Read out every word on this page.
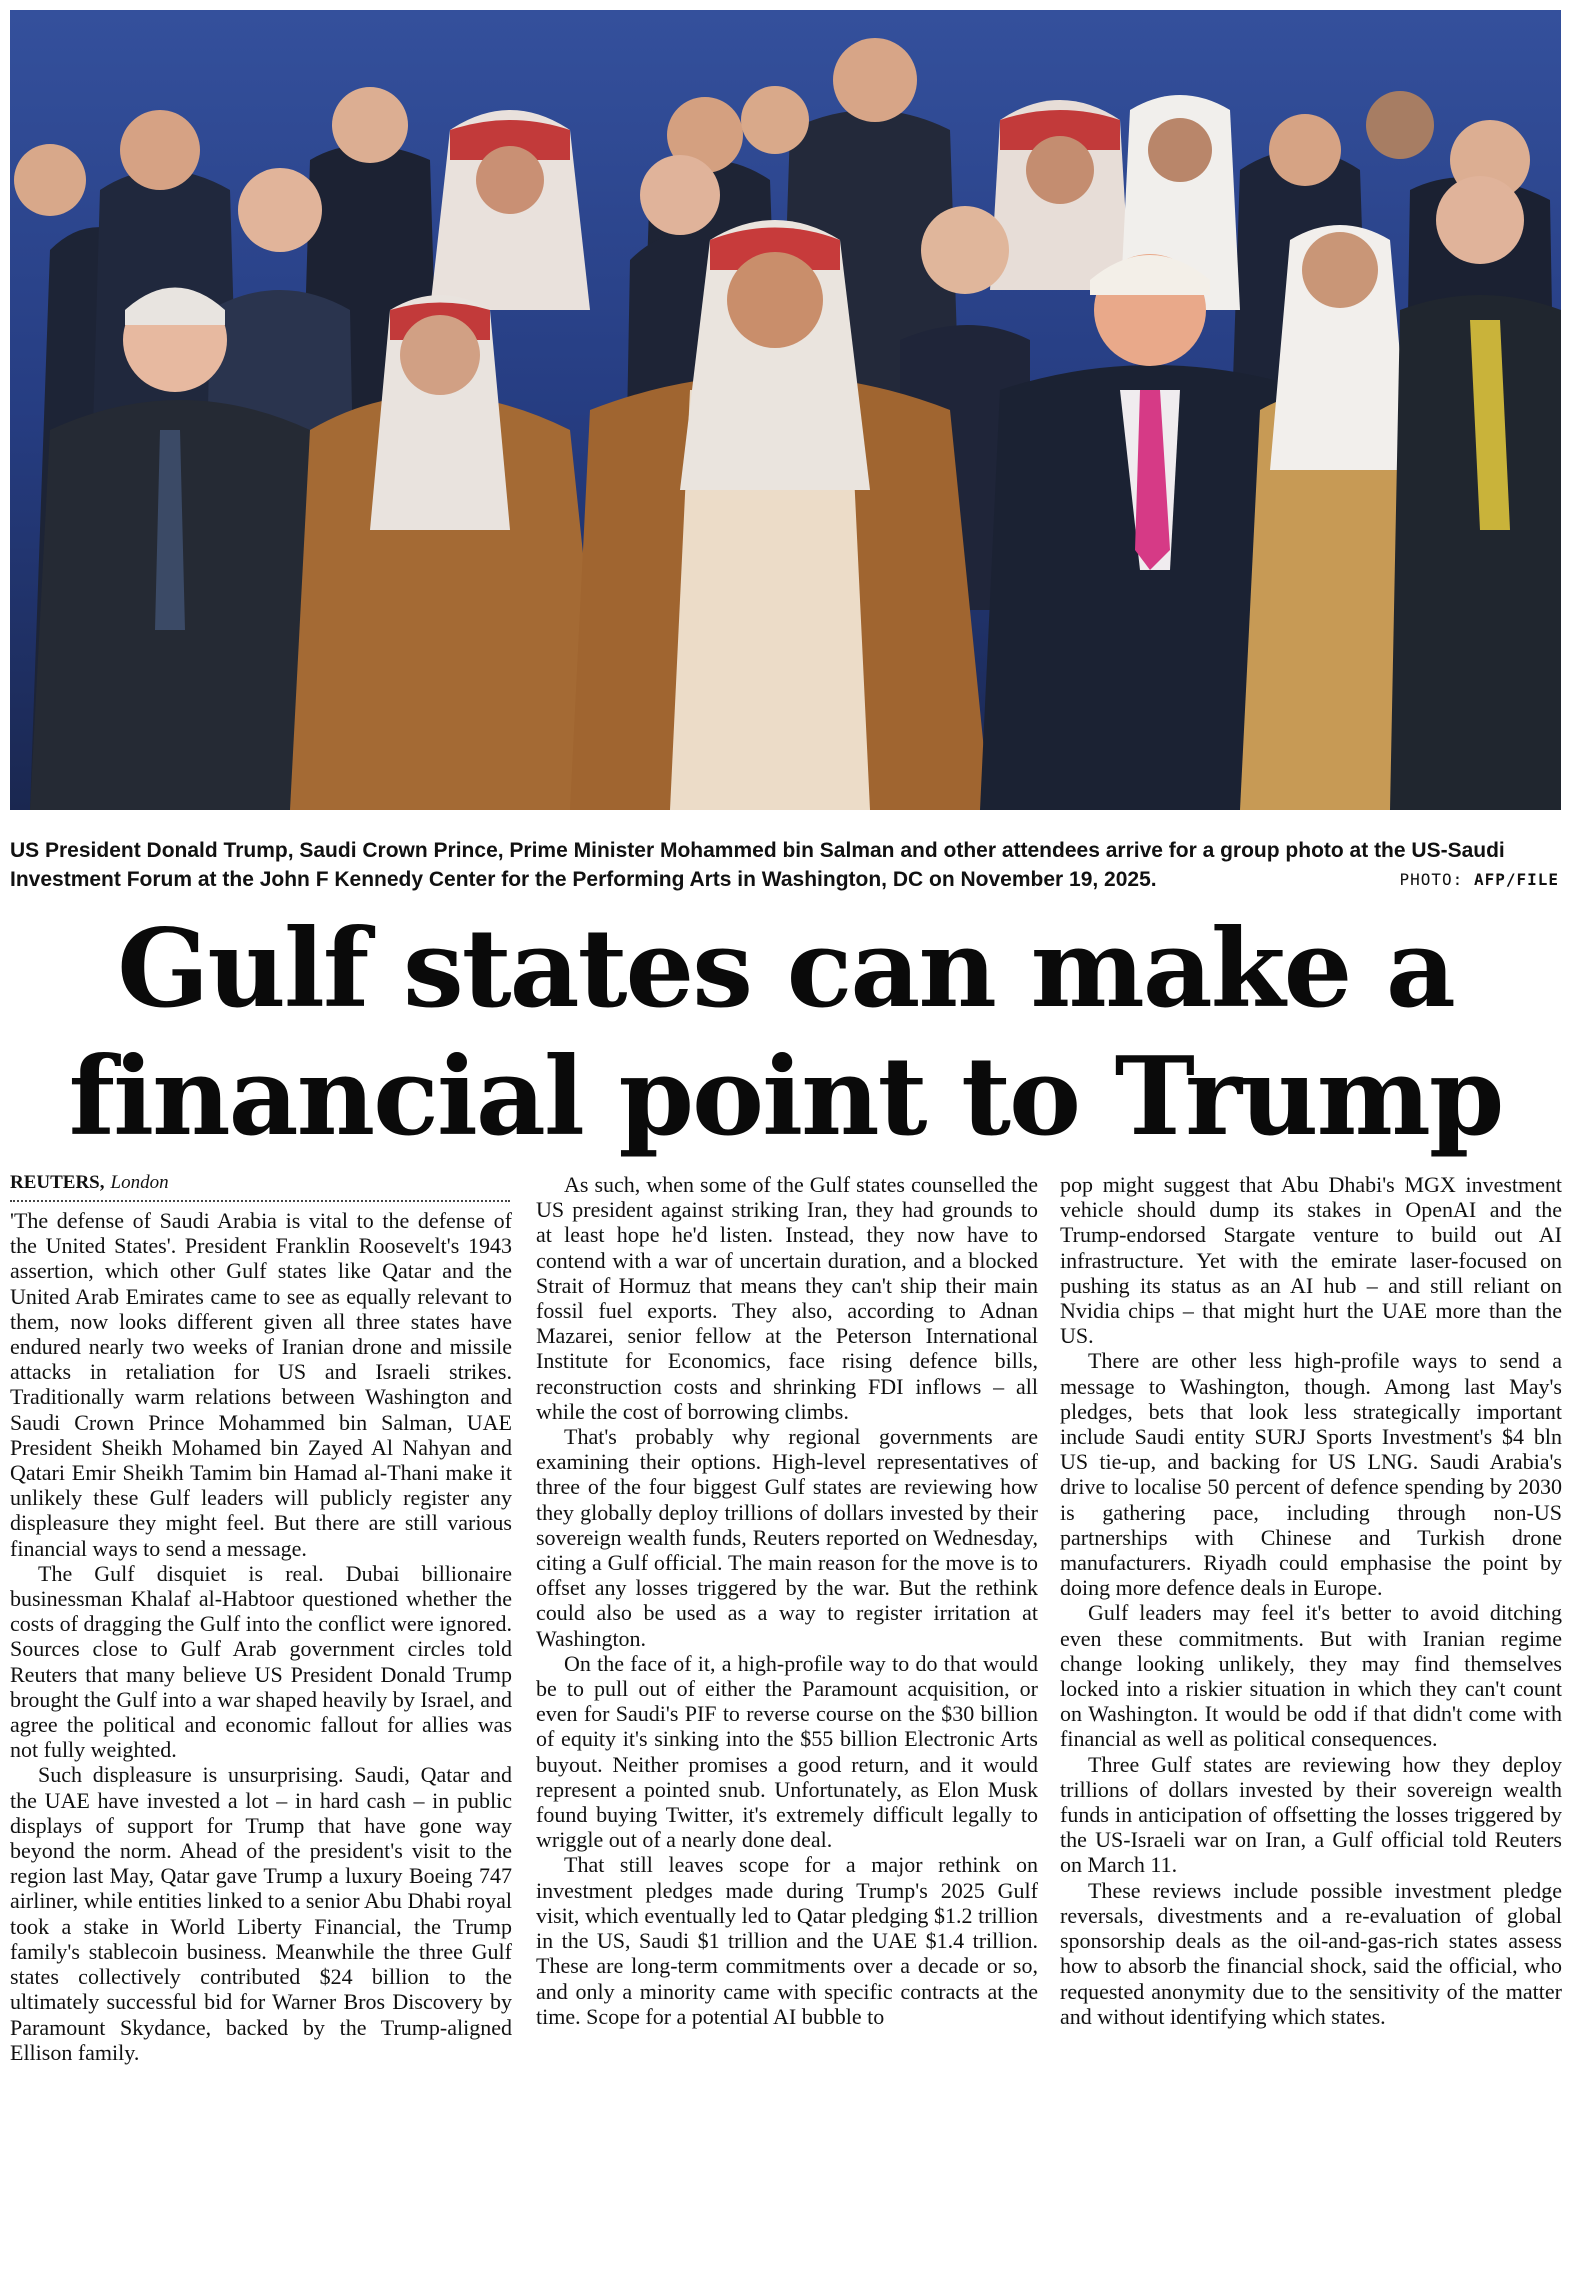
US President Donald Trump, Saudi Crown Prince, Prime Minister Mohammed bin Salman and other attendees arrive for a group photo at the US-Saudi Investment Forum at the John F Kennedy Center for the Performing Arts in Washington, DC on November 19, 2025.	PHOTO: AFP/FILE
Gulf states can make a
financial point to Trump
REUTERS, London

'The defense of Saudi Arabia is vital to the defense of the United States'. President Franklin Roosevelt's 1943 assertion, which other Gulf states like Qatar and the United Arab Emirates came to see as equally relevant to them, now looks different given all three states have endured nearly two weeks of Iranian drone and missile attacks in retaliation for US and Israeli strikes. Traditionally warm relations between Washington and Saudi Crown Prince Mohammed bin Salman, UAE President Sheikh Mohamed bin Zayed Al Nahyan and Qatari Emir Sheikh Tamim bin Hamad al-Thani make it unlikely these Gulf leaders will publicly register any displeasure they might feel. But there are still various financial ways to send a message.

The Gulf disquiet is real. Dubai billionaire businessman Khalaf al-Habtoor questioned whether the costs of dragging the Gulf into the conflict were ignored. Sources close to Gulf Arab government circles told Reuters that many believe US President Donald Trump brought the Gulf into a war shaped heavily by Israel, and agree the political and economic fallout for allies was not fully weighted.

Such displeasure is unsurprising. Saudi, Qatar and the UAE have invested a lot – in hard cash – in public displays of support for Trump that have gone way beyond the norm. Ahead of the president's visit to the region last May, Qatar gave Trump a luxury Boeing 747 airliner, while entities linked to a senior Abu Dhabi royal took a stake in World Liberty Financial, the Trump family's stablecoin business. Meanwhile the three Gulf states collectively contributed $24 billion to the ultimately successful bid for Warner Bros Discovery by Paramount Skydance, backed by the Trump-aligned Ellison family.

As such, when some of the Gulf states counselled the US president against striking Iran, they had grounds to at least hope he'd listen. Instead, they now have to contend with a war of uncertain duration, and a blocked Strait of Hormuz that means they can't ship their main fossil fuel exports. They also, according to Adnan Mazarei, senior fellow at the Peterson International Institute for Economics, face rising defence bills, reconstruction costs and shrinking FDI inflows – all while the cost of borrowing climbs.

That's probably why regional governments are examining their options. High-level representatives of three of the four biggest Gulf states are reviewing how they globally deploy trillions of dollars invested by their sovereign wealth funds, Reuters reported on Wednesday, citing a Gulf official. The main reason for the move is to offset any losses triggered by the war. But the rethink could also be used as a way to register irritation at Washington.

On the face of it, a high-profile way to do that would be to pull out of either the Paramount acquisition, or even for Saudi's PIF to reverse course on the $30 billion of equity it's sinking into the $55 billion Electronic Arts buyout. Neither promises a good return, and it would represent a pointed snub. Unfortunately, as Elon Musk found buying Twitter, it's extremely difficult legally to wriggle out of a nearly done deal.

That still leaves scope for a major rethink on investment pledges made during Trump's 2025 Gulf visit, which eventually led to Qatar pledging $1.2 trillion in the US, Saudi $1 trillion and the UAE $1.4 trillion. These are long-term commitments over a decade or so, and only a minority came with specific contracts at the time. Scope for a potential AI bubble to

pop might suggest that Abu Dhabi's MGX investment vehicle should dump its stakes in OpenAI and the Trump-endorsed Stargate venture to build out AI infrastructure. Yet with the emirate laser-focused on pushing its status as an AI hub – and still reliant on Nvidia chips – that might hurt the UAE more than the US.

There are other less high-profile ways to send a message to Washington, though. Among last May's pledges, bets that look less strategically important include Saudi entity SURJ Sports Investment's $4 bln US tie-up, and backing for US LNG. Saudi Arabia's drive to localise 50 percent of defence spending by 2030 is gathering pace, including through non-US partnerships with Chinese and Turkish drone manufacturers. Riyadh could emphasise the point by doing more defence deals in Europe.

Gulf leaders may feel it's better to avoid ditching even these commitments. But with Iranian regime change looking unlikely, they may find themselves locked into a riskier situation in which they can't count on Washington. It would be odd if that didn't come with financial as well as political consequences.

Three Gulf states are reviewing how they deploy trillions of dollars invested by their sovereign wealth funds in anticipation of offsetting the losses triggered by the US-Israeli war on Iran, a Gulf official told Reuters on March 11.

These reviews include possible investment pledge reversals, divestments and a re-evaluation of global sponsorship deals as the oil-and-gas-rich states assess how to absorb the financial shock, said the official, who requested anonymity due to the sensitivity of the matter and without identifying which states.
